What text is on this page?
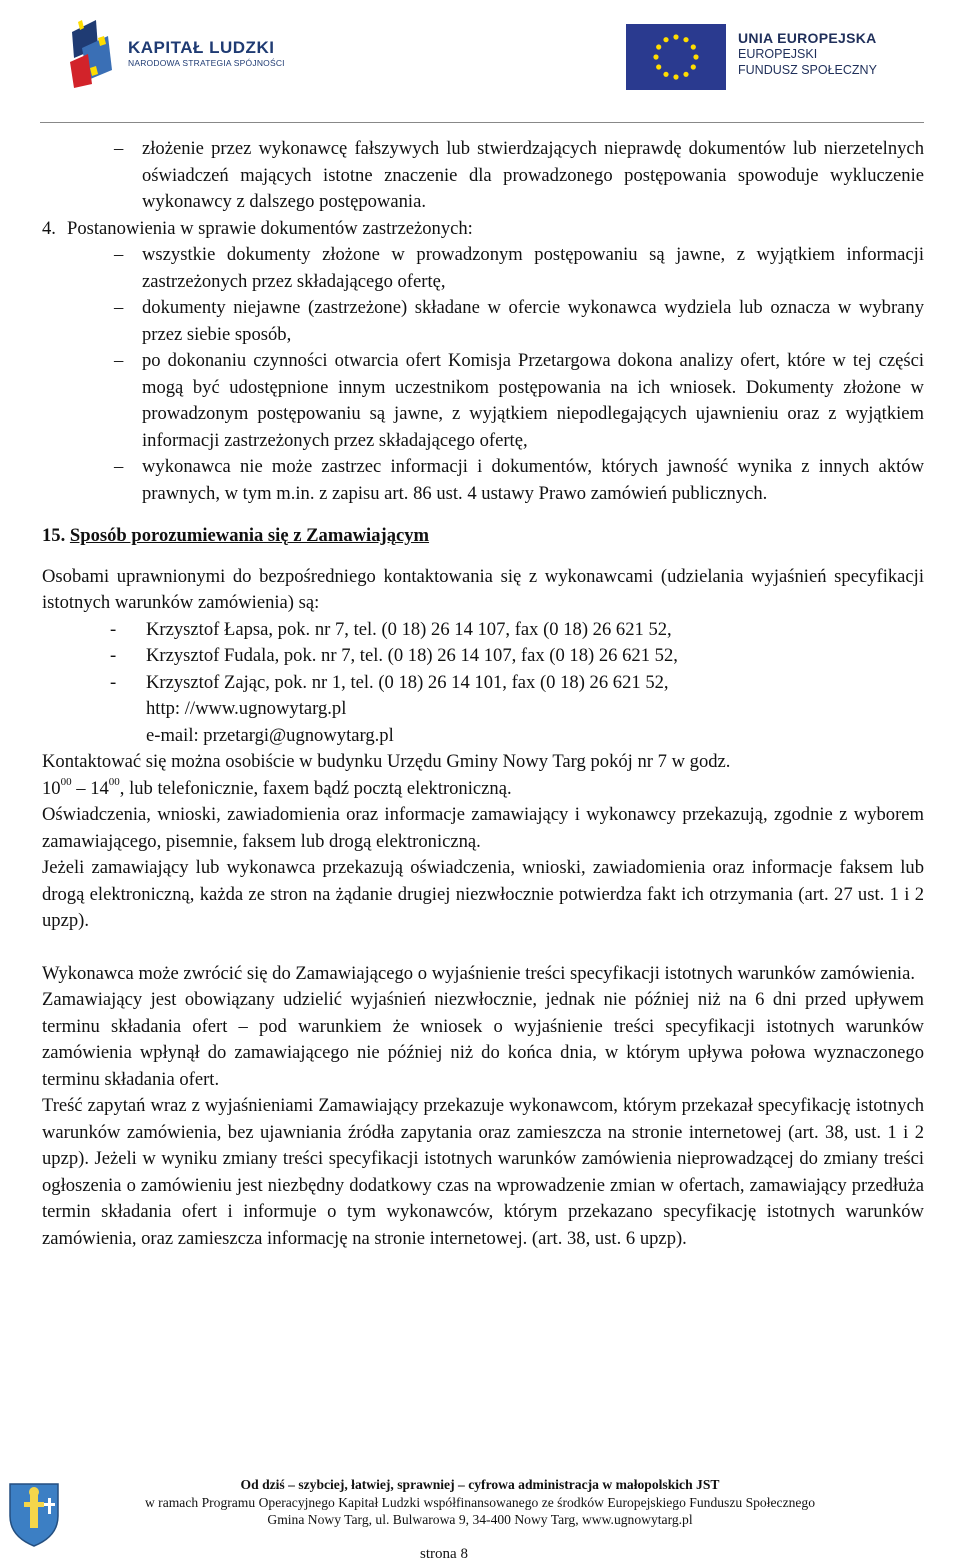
KAPITAŁ LUDZKI
NARODOWA STRATEGIA SPÓJNOŚCI
UNIA EUROPEJSKA
EUROPEJSKI
FUNDUSZ SPOŁECZNY
– złożenie przez wykonawcę fałszywych lub stwierdzających nieprawdę dokumentów lub nierzetelnych oświadczeń mających istotne znaczenie dla prowadzonego postępowania spowoduje wykluczenie wykonawcy z dalszego postępowania.
4. Postanowienia w sprawie dokumentów zastrzeżonych:
– wszystkie dokumenty złożone w prowadzonym postępowaniu są jawne, z wyjątkiem informacji zastrzeżonych przez składającego ofertę,
– dokumenty niejawne (zastrzeżone) składane w ofercie wykonawca wydziela lub oznacza w wybrany przez siebie sposób,
– po dokonaniu czynności otwarcia ofert Komisja Przetargowa dokona analizy ofert, które w tej części mogą być udostępnione innym uczestnikom postępowania na ich wniosek. Dokumenty złożone w prowadzonym postępowaniu są jawne, z wyjątkiem niepodlegających ujawnieniu oraz z wyjątkiem informacji zastrzeżonych przez składającego ofertę,
– wykonawca nie może zastrzec informacji i dokumentów, których jawność wynika z innych aktów prawnych, w tym m.in. z zapisu art. 86 ust. 4 ustawy Prawo zamówień publicznych.
15. Sposób porozumiewania się z Zamawiającym

Osobami uprawnionymi do bezpośredniego kontaktowania się z wykonawcami (udzielania wyjaśnień specyfikacji istotnych warunków zamówienia) są:

- Krzysztof Łapsa, pok. nr 7, tel. (0 18) 26 14 107, fax (0 18) 26 621 52,
- Krzysztof Fudala, pok. nr 7, tel. (0 18) 26 14 107, fax (0 18) 26 621 52,
- Krzysztof Zając, pok. nr 1, tel. (0 18) 26 14 101, fax (0 18) 26 621 52,

http: //www.ugnowytarg.pl

e-mail: przetargi@ugnowytarg.pl

Kontaktować się można osobiście w budynku Urzędu Gminy Nowy Targ pokój nr 7 w godz.

$10^{00} - 14^{00}$, lub telefonicznie, faxem bądź pocztą elektroniczną.

Oświadczenia, wnioski, zawiadomienia oraz informacje zamawiający i wykonawcy przekazują, zgodnie z wyborem zamawiającego, pisemnie, faksem lub drogą elektroniczną.

Jeżeli zamawiający lub wykonawca przekazują oświadczenia, wnioski, zawiadomienia oraz informacje faksem lub drogą elektroniczną, każda ze stron na żądanie drugiej niezwłocznie potwierdza fakt ich otrzymania (art. 27 ust. 1 i 2 upzp).

Wykonawca może zwrócić się do Zamawiającego o wyjaśnienie treści specyfikacji istotnych warunków zamówienia.

Zamawiający jest obowiązany udzielić wyjaśnień niezwłocznie, jednak nie później niż na 6 dni przed upływem terminu składania ofert – pod warunkiem że wniosek o wyjaśnienie treści specyfikacji istotnych warunków zamówienia wpłynął do zamawiającego nie później niż do końca dnia, w którym upływa połowa wyznaczonego terminu składania ofert.

Treść zapytań wraz z wyjaśnieniami Zamawiający przekazuje wykonawcom, którym przekazał specyfikację istotnych warunków zamówienia, bez ujawniania źródła zapytania oraz zamieszcza na stronie internetowej (art. 38, ust. 1 i 2 upzp). Jeżeli w wyniku zmiany treści specyfikacji istotnych warunków zamówienia nieprowadzącej do zmiany treści ogłoszenia o zamówieniu jest niezbędny dodatkowy czas na wprowadzenie zmian w ofertach, zamawiający przedłuża termin składania ofert i informuje o tym wykonawców, którym przekazano specyfikację istotnych warunków zamówienia, oraz zamieszcza informację na stronie internetowej. (art. 38, ust. 6 upzp).

Od dziś – szybciej, łatwiej, sprawniej – cyfrowa administracja w małopolskich JST
w ramach Programu Operacyjnego Kapitał Ludzki współfinansowanego ze środków Europejskiego Funduszu Społecznego
Gmina Nowy Targ, ul. Bulwarowa 9, 34-400 Nowy Targ, www.ugnowytarg.pl
strona 8
